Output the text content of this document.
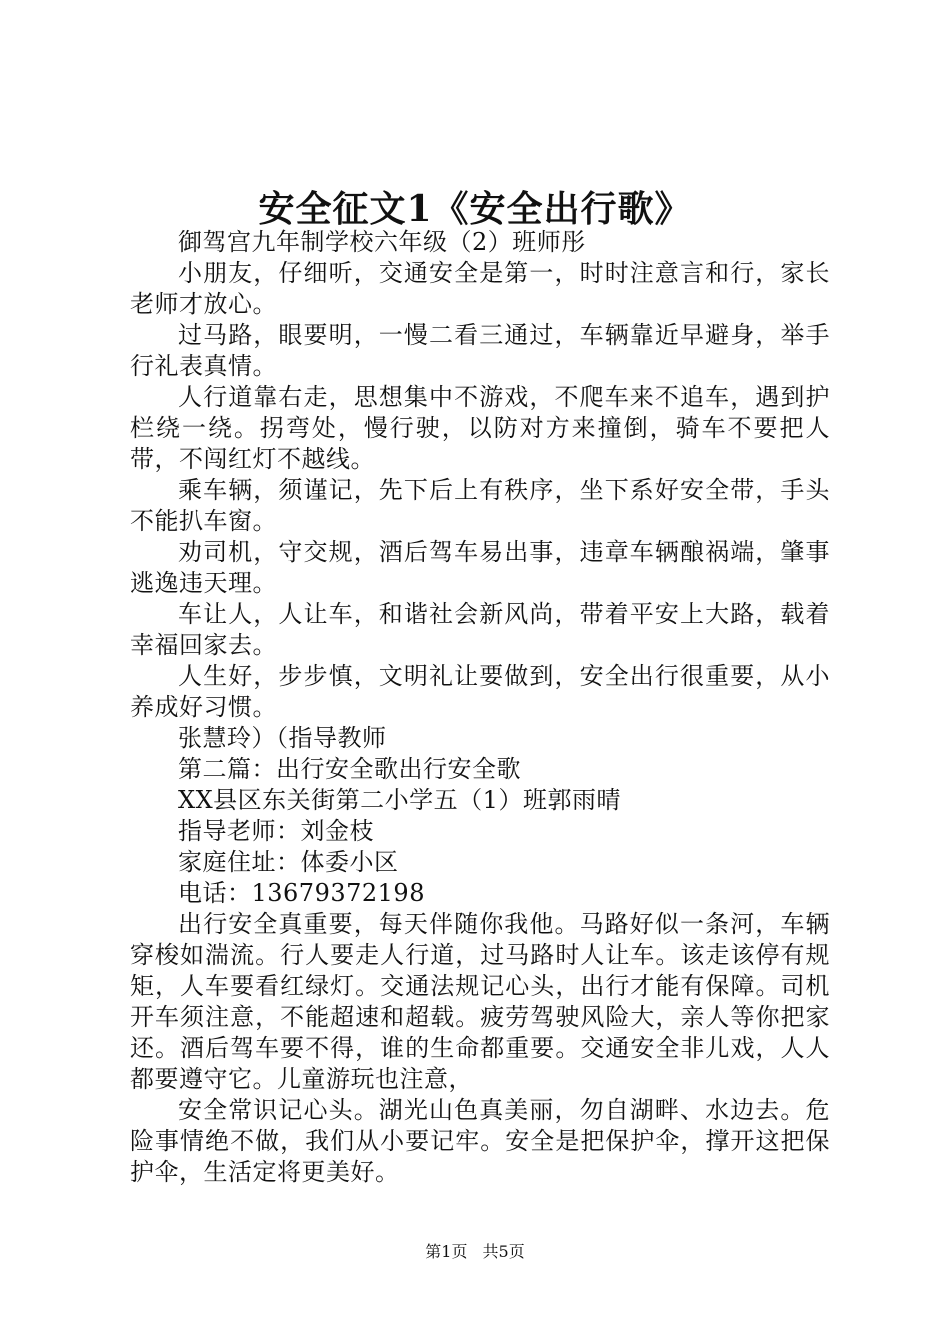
安全征文1《安全出行歌》

御驾宫九年制学校六年级（2）班师彤

小朋友，仔细听，交通安全是第一，时时注意言和行，家长老师才放心。

过马路，眼要明，一慢二看三通过，车辆靠近早避身，举手行礼表真情。

人行道靠右走，思想集中不游戏，不爬车来不追车，遇到护栏绕一绕。拐弯处，慢行驶，以防对方来撞倒，骑车不要把人带，不闯红灯不越线。

乘车辆，须谨记，先下后上有秩序，坐下系好安全带，手头不能扒车窗。

劝司机，守交规，酒后驾车易出事，违章车辆酿祸端，肇事逃逸违天理。

车让人，人让车，和谐社会新风尚，带着平安上大路，载着幸福回家去。

人生好，步步慎，文明礼让要做到，安全出行很重要，从小养成好习惯。

张慧玲）（指导教师

第二篇：出行安全歌出行安全歌

XX县区东关街第二小学五（1）班郭雨晴

指导老师：刘金枝

家庭住址：体委小区

电话：13679372198

出行安全真重要，每天伴随你我他。马路好似一条河，车辆穿梭如湍流。行人要走人行道，过马路时人让车。该走该停有规矩，人车要看红绿灯。交通法规记心头，出行才能有保障。司机开车须注意，不能超速和超载。疲劳驾驶风险大，亲人等你把家还。酒后驾车要不得，谁的生命都重要。交通安全非儿戏，人人都要遵守它。儿童游玩也注意，

安全常识记心头。湖光山色真美丽，勿自湖畔、水边去。危险事情绝不做，我们从小要记牢。安全是把保护伞，撑开这把保护伞，生活定将更美好。

第1页 共5页
